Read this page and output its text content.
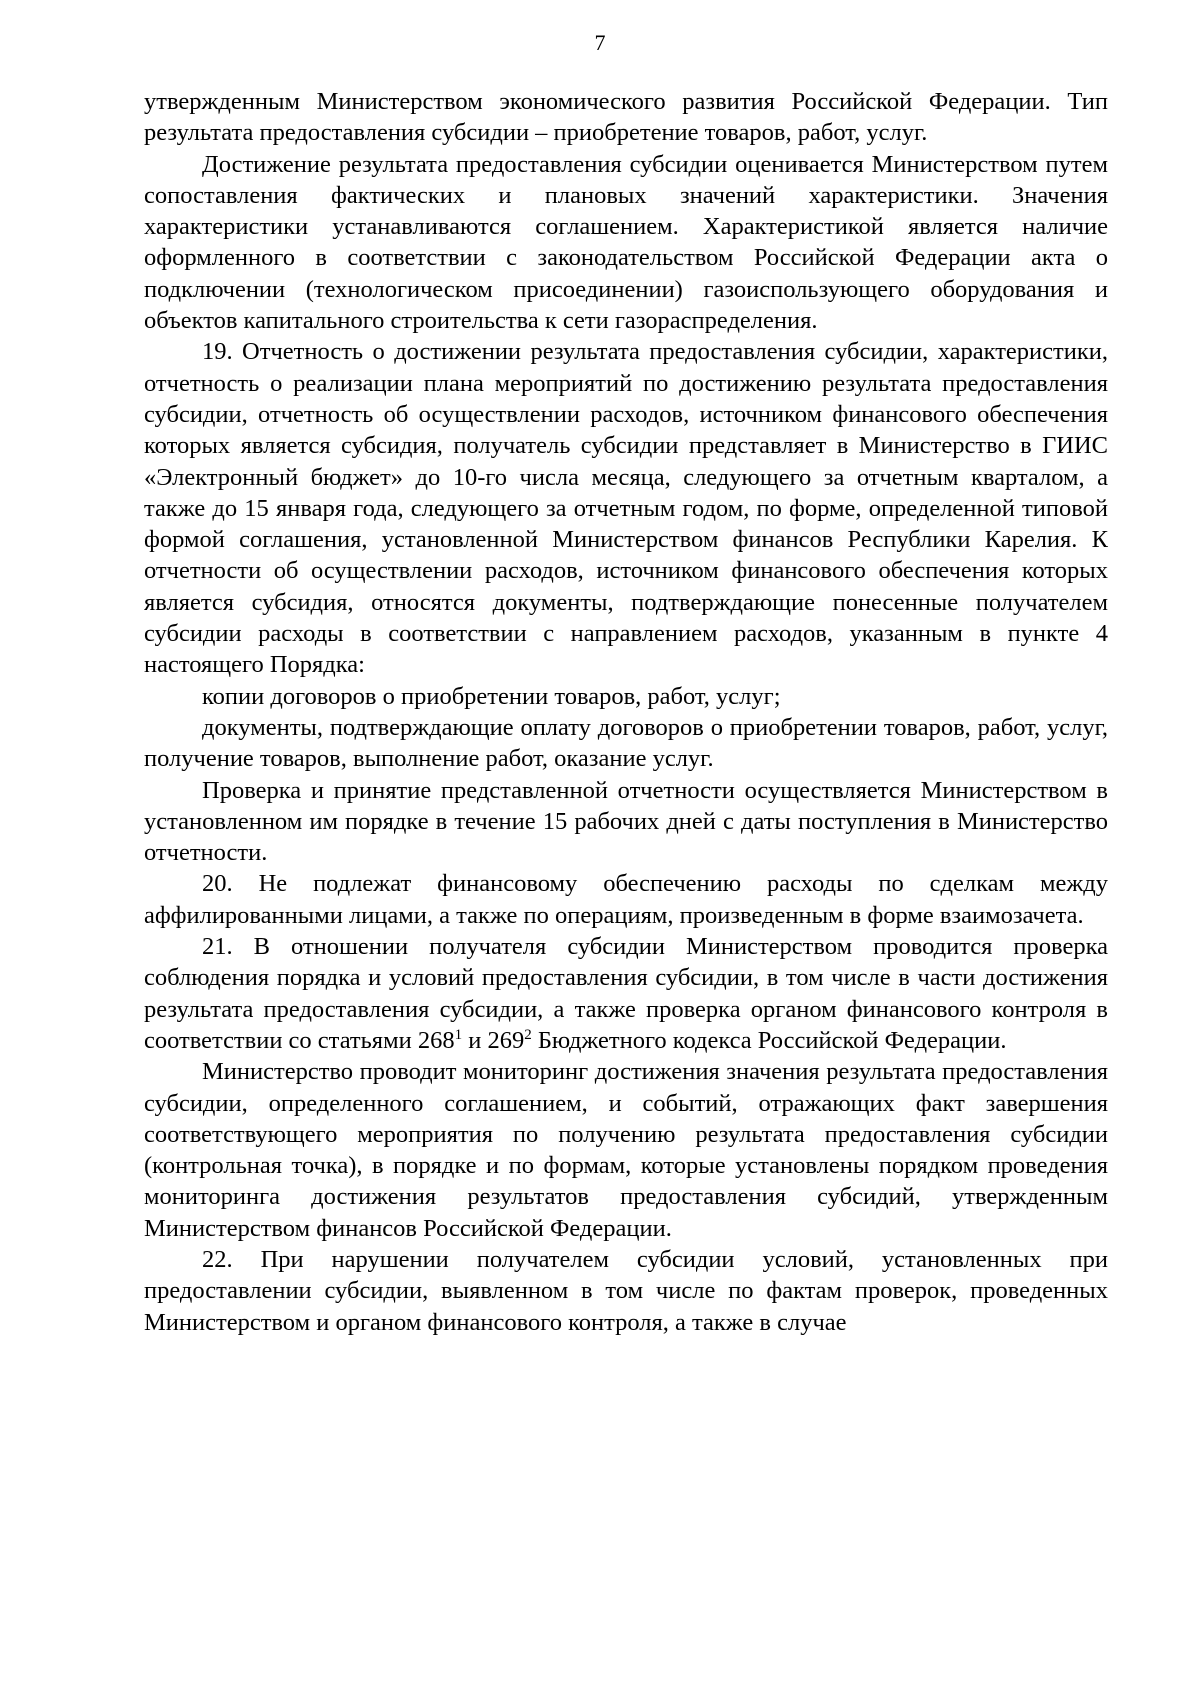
7

утвержденным Министерством экономического развития Российской Федерации. Тип результата предоставления субсидии – приобретение товаров, работ, услуг.

Достижение результата предоставления субсидии оценивается Министерством путем сопоставления фактических и плановых значений характеристики. Значения характеристики устанавливаются соглашением. Характеристикой является наличие оформленного в соответствии с законодательством Российской Федерации акта о подключении (технологическом присоединении) газоиспользующего оборудования и объектов капитального строительства к сети газораспределения.

19. Отчетность о достижении результата предоставления субсидии, характеристики, отчетность о реализации плана мероприятий по достижению результата предоставления субсидии, отчетность об осуществлении расходов, источником финансового обеспечения которых является субсидия, получатель субсидии представляет в Министерство в ГИИС «Электронный бюджет» до 10-го числа месяца, следующего за отчетным кварталом, а также до 15 января года, следующего за отчетным годом, по форме, определенной типовой формой соглашения, установленной Министерством финансов Республики Карелия. К отчетности об осуществлении расходов, источником финансового обеспечения которых является субсидия, относятся документы, подтверждающие понесенные получателем субсидии расходы в соответствии с направлением расходов, указанным в пункте 4 настоящего Порядка:

копии договоров о приобретении товаров, работ, услуг;

документы, подтверждающие оплату договоров о приобретении товаров, работ, услуг, получение товаров, выполнение работ, оказание услуг.

Проверка и принятие представленной отчетности осуществляется Министерством в установленном им порядке в течение 15 рабочих дней с даты поступления в Министерство отчетности.

20. Не подлежат финансовому обеспечению расходы по сделкам между аффилированными лицами, а также по операциям, произведенным в форме взаимозачета.

21. В отношении получателя субсидии Министерством проводится проверка соблюдения порядка и условий предоставления субсидии, в том числе в части достижения результата предоставления субсидии, а также проверка органом финансового контроля в соответствии со статьями $268^1$ и $269^2$ Бюджетного кодекса Российской Федерации.

Министерство проводит мониторинг достижения значения результата предоставления субсидии, определенного соглашением, и событий, отражающих факт завершения соответствующего мероприятия по получению результата предоставления субсидии (контрольная точка), в порядке и по формам, которые установлены порядком проведения мониторинга достижения результатов предоставления субсидий, утвержденным Министерством финансов Российской Федерации.

22. При нарушении получателем субсидии условий, установленных при предоставлении субсидии, выявленном в том числе по фактам проверок, проведенных Министерством и органом финансового контроля, а также в случае
